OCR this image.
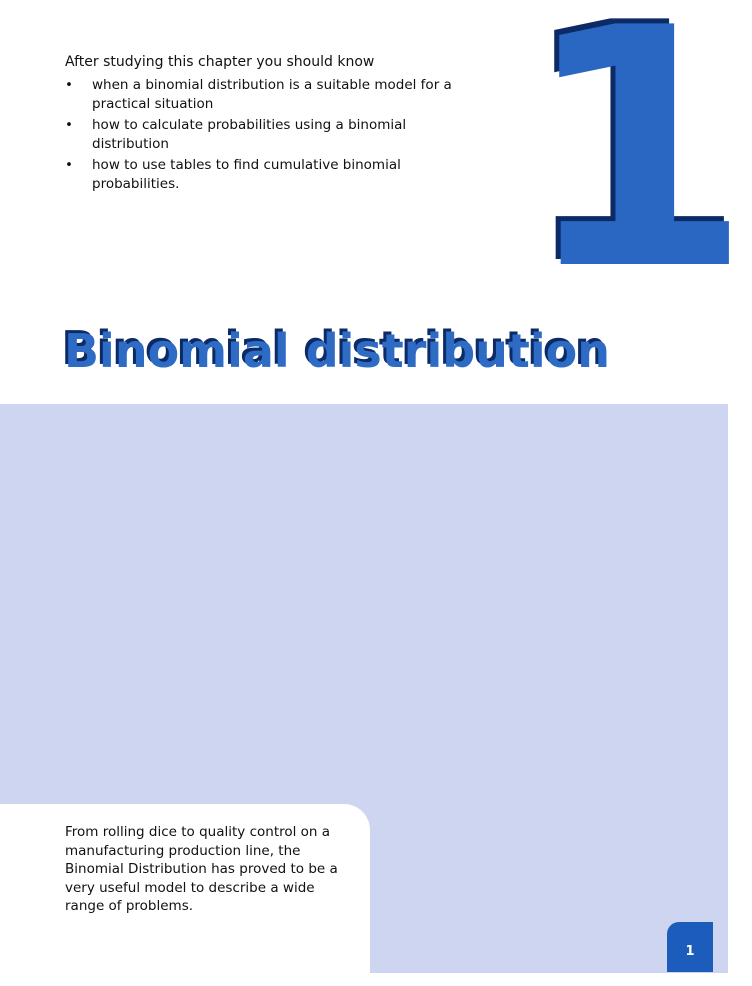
After studying this chapter you should know

• when a binomial distribution is a suitable model for a practical situation
• how to calculate probabilities using a binomial distribution
• how to use tables to find cumulative binomial probabilities.	1
Binomial distribution

From rolling dice to quality control on a manufacturing production line, the Binomial Distribution has proved to be a very useful model to describe a wide range of problems.

1
